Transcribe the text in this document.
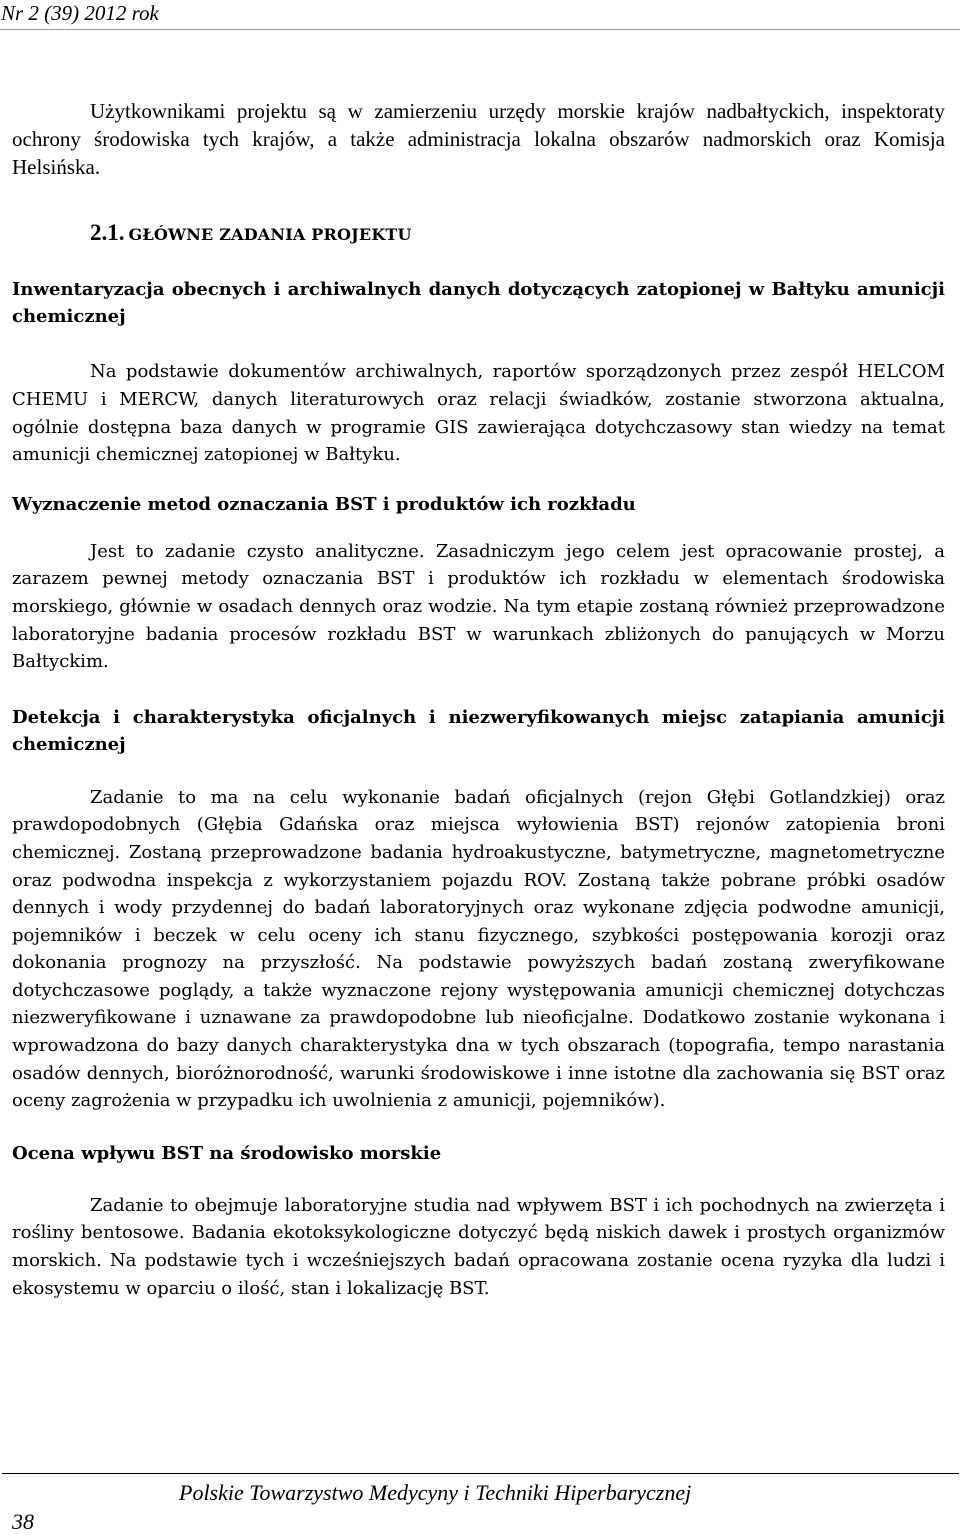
Nr 2 (39) 2012 rok

Użytkownikami projektu są w zamierzeniu urzędy morskie krajów nadbałtyckich, inspektoraty ochrony środowiska tych krajów, a także administracja lokalna obszarów nadmorskich oraz Komisja Helsińska.

2.1. GŁÓWNE ZADANIA PROJEKTU

Inwentaryzacja obecnych i archiwalnych danych dotyczących zatopionej w Bałtyku amunicji chemicznej

Na podstawie dokumentów archiwalnych, raportów sporządzonych przez zespół HELCOM CHEMU i MERCW, danych literaturowych oraz relacji świadków, zostanie stworzona aktualna, ogólnie dostępna baza danych w programie GIS zawierająca dotychczasowy stan wiedzy na temat amunicji chemicznej zatopionej w Bałtyku.

Wyznaczenie metod oznaczania BST i produktów ich rozkładu

Jest to zadanie czysto analityczne. Zasadniczym jego celem jest opracowanie prostej, a zarazem pewnej metody oznaczania BST i produktów ich rozkładu w elementach środowiska morskiego, głównie w osadach dennych oraz wodzie. Na tym etapie zostaną również przeprowadzone laboratoryjne badania procesów rozkładu BST w warunkach zbliżonych do panujących w Morzu Bałtyckim.

Detekcja i charakterystyka oficjalnych i niezweryfikowanych miejsc zatapiania amunicji chemicznej

Zadanie to ma na celu wykonanie badań oficjalnych (rejon Głębi Gotlandzkiej) oraz prawdopodobnych (Głębia Gdańska oraz miejsca wyłowienia BST) rejonów zatopienia broni chemicznej. Zostaną przeprowadzone badania hydroakustyczne, batymetryczne, magnetometryczne oraz podwodna inspekcja z wykorzystaniem pojazdu ROV. Zostaną także pobrane próbki osadów dennych i wody przydennej do badań laboratoryjnych oraz wykonane zdjęcia podwodne amunicji, pojemników i beczek w celu oceny ich stanu fizycznego, szybkości postępowania korozji oraz dokonania prognozy na przyszłość. Na podstawie powyższych badań zostaną zweryfikowane dotychczasowe poglądy, a także wyznaczone rejony występowania amunicji chemicznej dotychczas niezweryfikowane i uznawane za prawdopodobne lub nieoficjalne. Dodatkowo zostanie wykonana i wprowadzona do bazy danych charakterystyka dna w tych obszarach (topografia, tempo narastania osadów dennych, bioróżnorodność, warunki środowiskowe i inne istotne dla zachowania się BST oraz oceny zagrożenia w przypadku ich uwolnienia z amunicji, pojemników).

Ocena wpływu BST na środowisko morskie

Zadanie to obejmuje laboratoryjne studia nad wpływem BST i ich pochodnych na zwierzęta i rośliny bentosowe. Badania ekotoksykologiczne dotyczyć będą niskich dawek i prostych organizmów morskich. Na podstawie tych i wcześniejszych badań opracowana zostanie ocena ryzyka dla ludzi i ekosystemu w oparciu o ilość, stan i lokalizację BST.

Polskie Towarzystwo Medycyny i Techniki Hiperbarycznej
38
